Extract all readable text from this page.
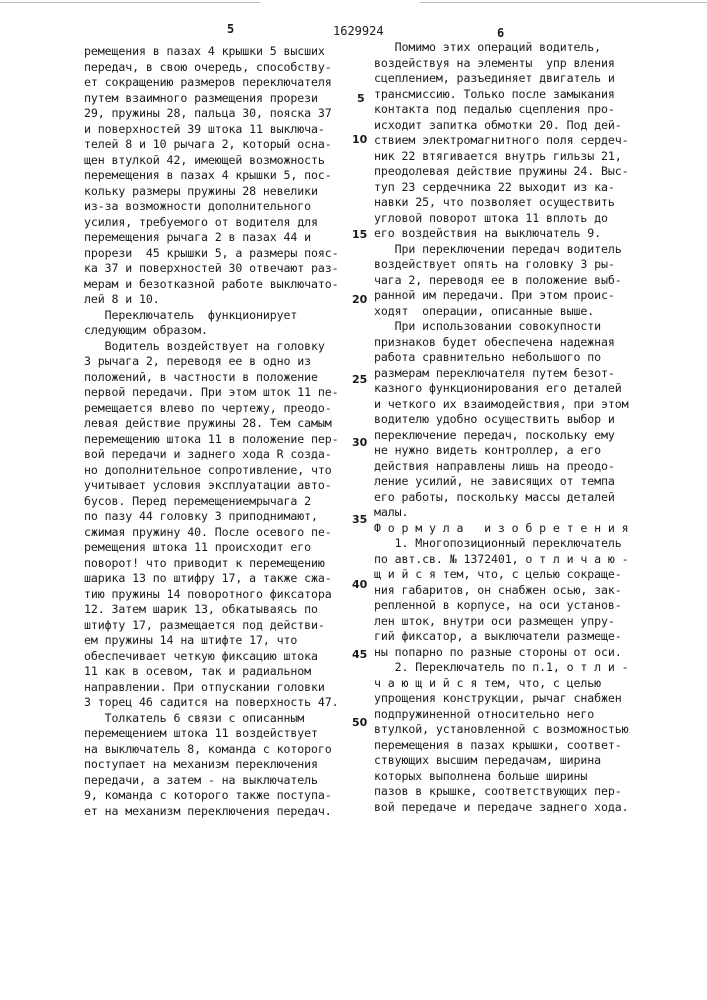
5	1629924	6
ремещения в пазах 4 крышки 5 высших
передач, в свою очередь, способству-
ет сокращению размеров переключателя
путем взаимного размещения прорези
29, пружины 28, пальца 30, пояска 37
и поверхностей 39 штока 11 выключа-
телей 8 и 10 рычага 2, который осна-
щен втулкой 42, имеющей возможность
перемещения в пазах 4 крышки 5, пос-
кольку размеры пружины 28 невелики
из-за возможности дополнительного
усилия, требуемого от водителя для
перемещения рычага 2 в пазах 44 и
прорези  45 крышки 5, а размеры пояс-
ка 37 и поверхностей 30 отвечают раз-
мерам и безотказной работе выключато-
лей 8 и 10.
Переключатель  функционирует
следующим образом.
Водитель воздействует на головку
3 рычага 2, переводя ее в одно из
положений, в частности в положение
первой передачи. При этом шток 11 пе-
ремещается влево по чертежу, преодо-
левая действие пружины 28. Тем самым
перемещению штока 11 в положение пер-
вой передачи и заднего хода R созда-
но дополнительное сопротивление, что
учитывает условия эксплуатации авто-
бусов. Перед перемещениемрычага 2
по пазу 44 головку 3 приподнимают,
сжимая пружину 40. После осевого пе-
ремещения штока 11 происходит его
поворот! что приводит к перемещению
шарика 13 по штифру 17, а также сжа-
тию пружины 14 поворотного фиксатора
12. Затем шарик 13, обкатываясь по
штифту 17, размещается под действи-
ем пружины 14 на штифте 17, что
обеспечивает четкую фиксацию штока
11 как в осевом, так и радиальном
направлении. При отпускании головки
3 торец 46 садится на поверхность 47.
Толкатель 6 связи с описанным
перемещением штока 11 воздействует
на выключатель 8, команда с которого
поступает на механизм переключения
передачи, а затем - на выключатель
9, команда с которого также поступа-
ет на механизм переключения передач.
Помимо этих операций водитель,
воздействуя на элементы  упр вления
сцеплением, разъединяет двигатель и
трансмиссию. Только после замыкания
контакта под педалью сцепления про-
исходит запитка обмотки 20. Под дей-
ствием электромагнитного поля сердеч-
ник 22 втягивается внутрь гильзы 21,
преодолевая действие пружины 24. Выс-
туп 23 сердечника 22 выходит из ка-
навки 25, что позволяет осуществить
угловой поворот штока 11 вплоть до
его воздействия на выключатель 9.
При переключении передач водитель
воздействует опять на головку 3 ры-
чага 2, переводя ее в положение выб-
ранной им передачи. При этом проис-
ходят  операции, описанные выше.
При использовании совокупности
признаков будет обеспечена надежная
работа сравнительно небольшого по
размерам переключателя путем безот-
казного функционирования его деталей
и четкого их взаимодействия, при этом
водителю удобно осуществить выбор и
переключение передач, поскольку ему
не нужно видеть контроллер, а его
действия направлены лишь на преодо-
ление усилий, не зависящих от темпа
его работы, поскольку массы деталей
малы.
Ф о р м у л а   и з о б р е т е н и я
1. Многопозиционный переключатель
по авт.св. № 1372401, о т л и ч а ю -
щ и й с я тем, что, с целью сокраще-
ния габаритов, он снабжен осью, зак-
репленной в корпусе, на оси установ-
лен шток, внутри оси размещен упру-
гий фиксатор, а выключатели размеще-
ны попарно по разные стороны от оси.
2. Переключатель по п.1, о т л и -
ч а ю щ и й с я тем, что, с целью
упрощения конструкции, рычаг снабжен
подпружиненной относительно него
втулкой, установленной с возможностью
перемещения в пазах крышки, соответ-
ствующих высшим передачам, ширина
которых выполнена больше ширины
пазов в крышке, соответствующих пер-
вой передаче и передаче заднего хода.
5
10
15
20
25
30
35
40
45
50
